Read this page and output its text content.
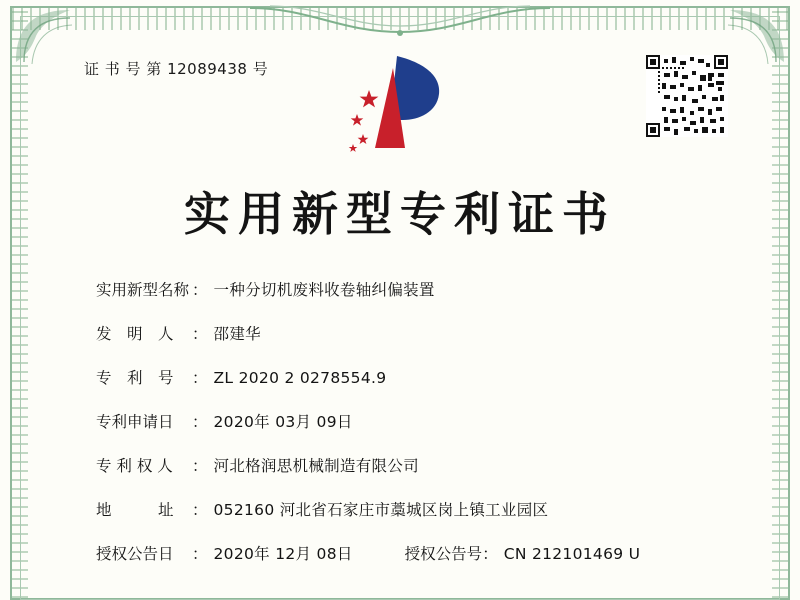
证 书 号 第 12089438 号
实用新型专利证书
实用新型名称 ： 一种分切机废料收卷轴纠偏装置
发　明　人	： 邵建华
专　利　号	： ZL 2020 2 0278554.9
专利申请日	： 2020年 03月 09日
专 利 权 人	： 河北格润思机械制造有限公司
地　　　址	： 052160 河北省石家庄市藁城区岗上镇工业园区
授权公告日	： 2020年 12月 08日	授权公告号 ： CN 212101469 U
